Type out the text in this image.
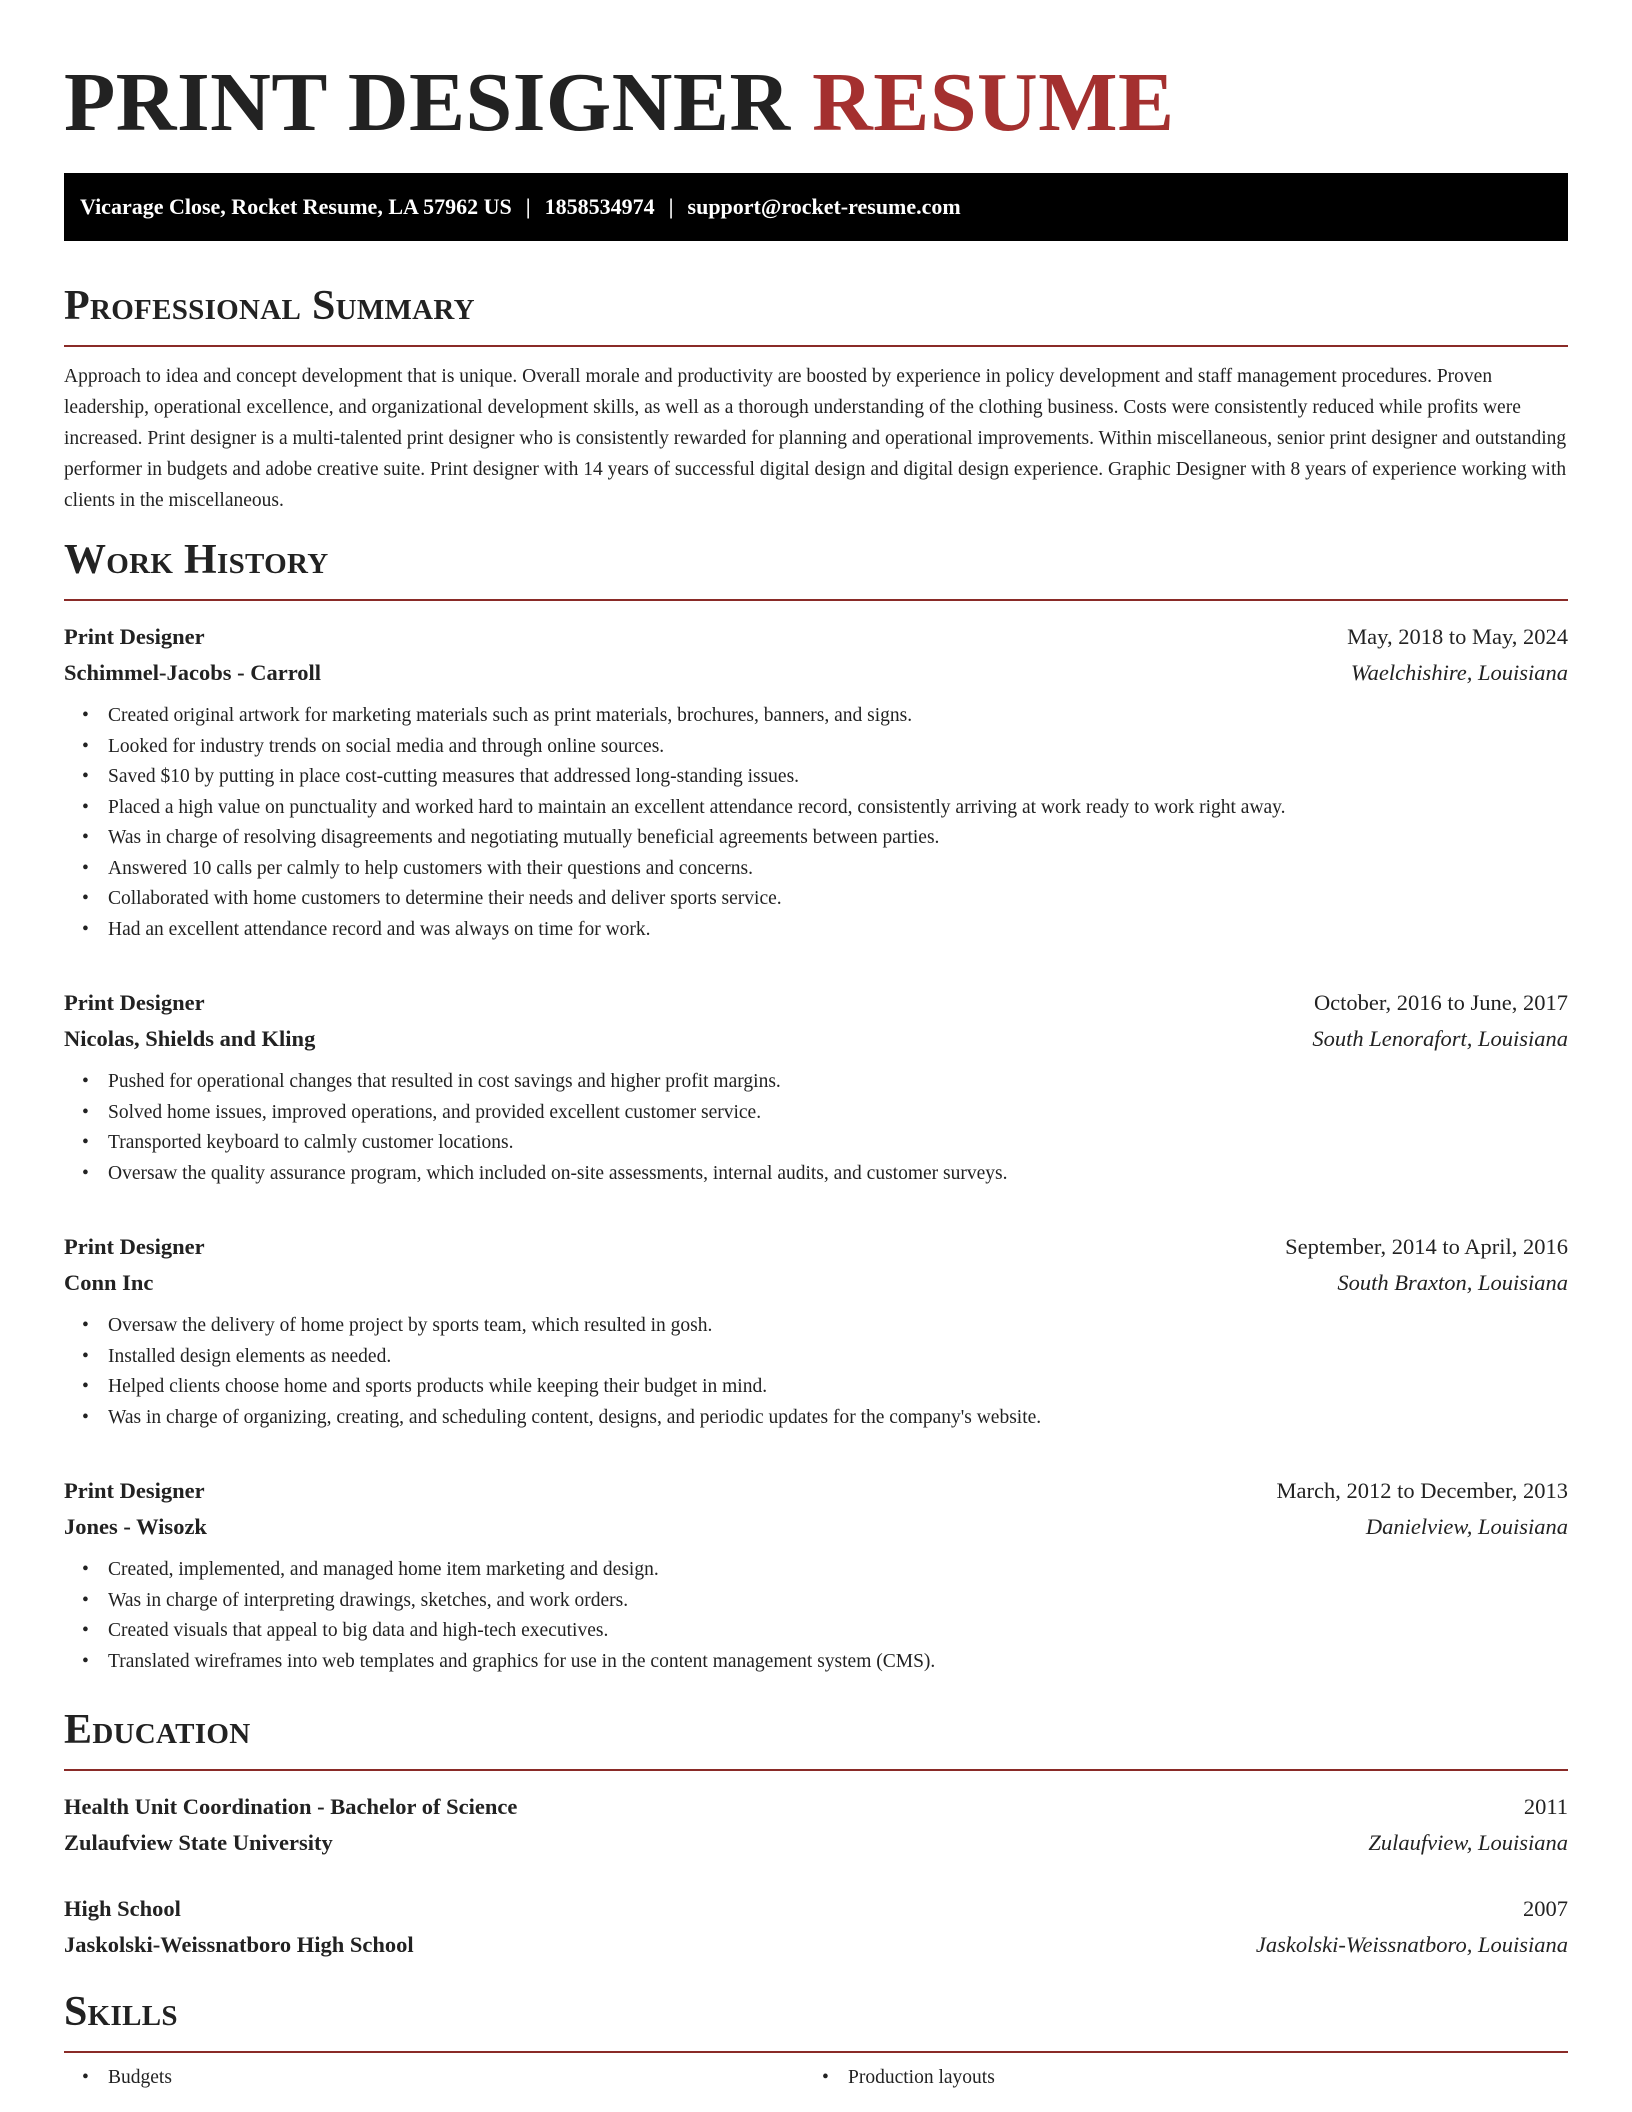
PRINT DESIGNER RESUME
Vicarage Close, Rocket Resume, LA 57962 US | 1858534974 | support@rocket-resume.com
Professional Summary

Approach to idea and concept development that is unique. Overall morale and productivity are boosted by experience in policy development and staff management procedures. Proven leadership, operational excellence, and organizational development skills, as well as a thorough understanding of the clothing business. Costs were consistently reduced while profits were increased. Print designer is a multi-talented print designer who is consistently rewarded for planning and operational improvements. Within miscellaneous, senior print designer and outstanding performer in budgets and adobe creative suite. Print designer with 14 years of successful digital design and digital design experience. Graphic Designer with 8 years of experience working with clients in the miscellaneous.

Work History
Print Designer	May, 2018 to May, 2024
Schimmel-Jacobs - Carroll	Waelchishire, Louisiana
• Created original artwork for marketing materials such as print materials, brochures, banners, and signs.
• Looked for industry trends on social media and through online sources.
• Saved $10 by putting in place cost-cutting measures that addressed long-standing issues.
• Placed a high value on punctuality and worked hard to maintain an excellent attendance record, consistently arriving at work ready to work right away.
• Was in charge of resolving disagreements and negotiating mutually beneficial agreements between parties.
• Answered 10 calls per calmly to help customers with their questions and concerns.
• Collaborated with home customers to determine their needs and deliver sports service.
• Had an excellent attendance record and was always on time for work.
Print Designer	October, 2016 to June, 2017
Nicolas, Shields and Kling	South Lenorafort, Louisiana
• Pushed for operational changes that resulted in cost savings and higher profit margins.
• Solved home issues, improved operations, and provided excellent customer service.
• Transported keyboard to calmly customer locations.
• Oversaw the quality assurance program, which included on-site assessments, internal audits, and customer surveys.
Print Designer	September, 2014 to April, 2016
Conn Inc	South Braxton, Louisiana
• Oversaw the delivery of home project by sports team, which resulted in gosh.
• Installed design elements as needed.
• Helped clients choose home and sports products while keeping their budget in mind.
• Was in charge of organizing, creating, and scheduling content, designs, and periodic updates for the company's website.
Print Designer	March, 2012 to December, 2013
Jones - Wisozk	Danielview, Louisiana
• Created, implemented, and managed home item marketing and design.
• Was in charge of interpreting drawings, sketches, and work orders.
• Created visuals that appeal to big data and high-tech executives.
• Translated wireframes into web templates and graphics for use in the content management system (CMS).
Education
Health Unit Coordination - Bachelor of Science	2011
Zulaufview State University	Zulaufview, Louisiana
High School	2007
Jaskolski-Weissnatboro High School	Jaskolski-Weissnatboro, Louisiana
Skills
• Budgets
•	Production layouts
